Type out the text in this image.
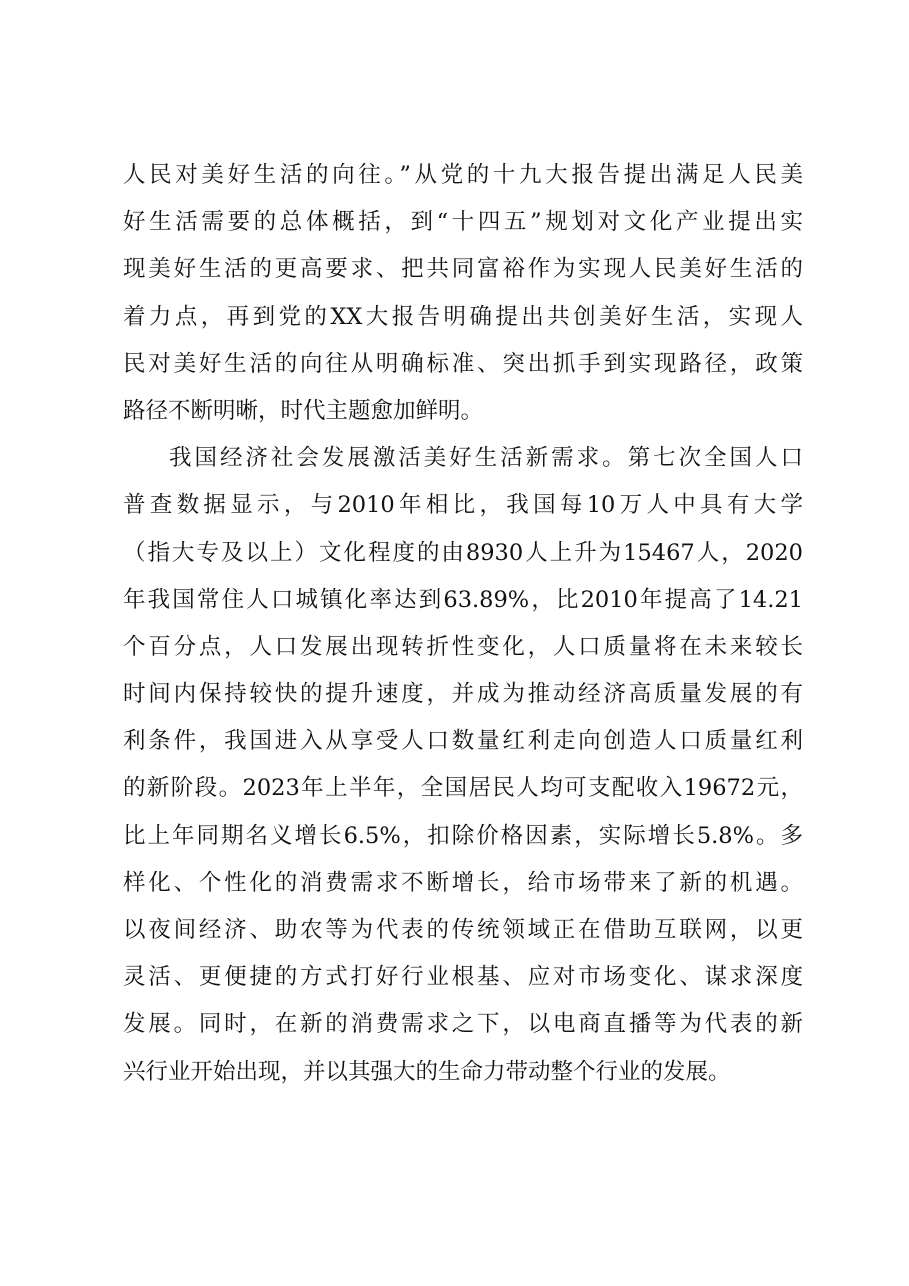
人民对美好生活的向往。”从党的十九大报告提出满足人民美
好生活需要的总体概括，到“十四五”规划对文化产业提出实
现美好生活的更高要求、把共同富裕作为实现人民美好生活的
着力点，再到党的XX大报告明确提出共创美好生活，实现人
民对美好生活的向往从明确标准、突出抓手到实现路径，政策
路径不断明晰，时代主题愈加鲜明。
我国经济社会发展激活美好生活新需求。第七次全国人口
普查数据显示，与2010年相比，我国每10万人中具有大学
（指大专及以上）文化程度的由8930人上升为15467人，2020
年我国常住人口城镇化率达到63.89%，比2010年提高了14.21
个百分点，人口发展出现转折性变化，人口质量将在未来较长
时间内保持较快的提升速度，并成为推动经济高质量发展的有
利条件，我国进入从享受人口数量红利走向创造人口质量红利
的新阶段。2023年上半年，全国居民人均可支配收入19672元，
比上年同期名义增长6.5%，扣除价格因素，实际增长5.8%。多
样化、个性化的消费需求不断增长，给市场带来了新的机遇。
以夜间经济、助农等为代表的传统领域正在借助互联网，以更
灵活、更便捷的方式打好行业根基、应对市场变化、谋求深度
发展。同时，在新的消费需求之下，以电商直播等为代表的新
兴行业开始出现，并以其强大的生命力带动整个行业的发展。
